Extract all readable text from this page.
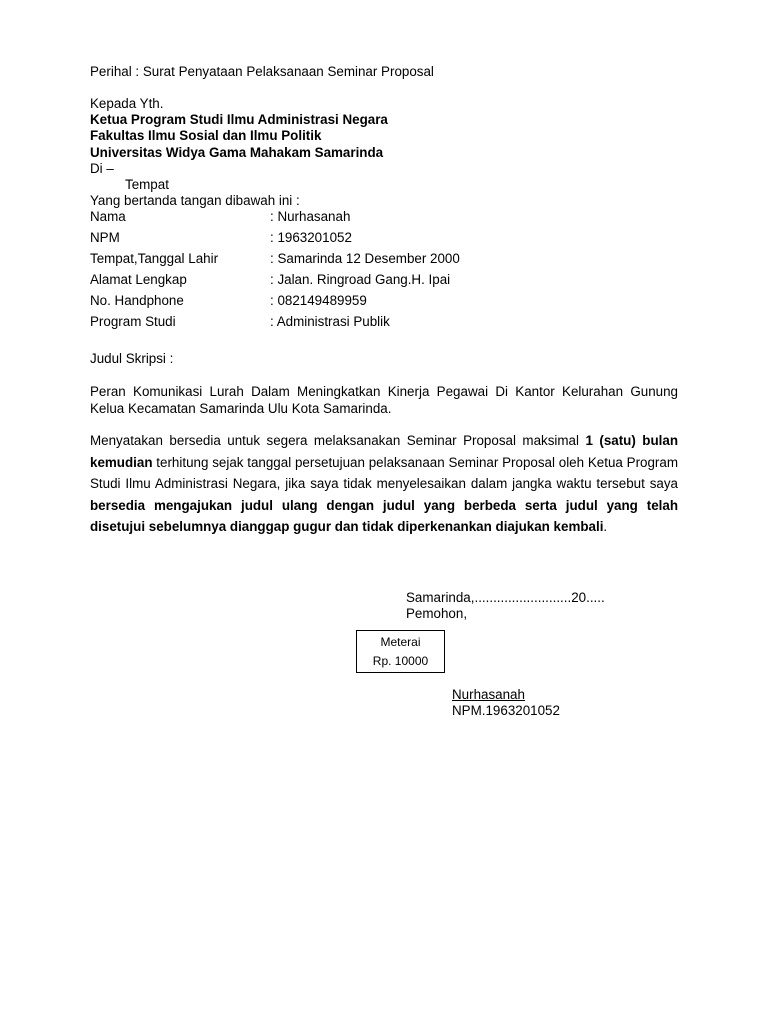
Perihal : Surat Penyataan Pelaksanaan Seminar Proposal
Kepada Yth.
Ketua Program Studi Ilmu Administrasi Negara
Fakultas Ilmu Sosial dan Ilmu Politik
Universitas Widya Gama Mahakam Samarinda
Di –
Tempat
Yang bertanda tangan dibawah ini :
Nama	: Nurhasanah
NPM	: 1963201052
Tempat,Tanggal Lahir	: Samarinda 12 Desember 2000
Alamat Lengkap	: Jalan. Ringroad Gang.H. Ipai
No. Handphone	: 082149489959
Program Studi	: Administrasi Publik
Judul Skripsi :
Peran Komunikasi Lurah Dalam Meningkatkan Kinerja Pegawai Di Kantor Kelurahan Gunung Kelua Kecamatan Samarinda Ulu Kota Samarinda.
Menyatakan bersedia untuk segera melaksanakan Seminar Proposal maksimal 1 (satu) bulan kemudian terhitung sejak tanggal persetujuan pelaksanaan Seminar Proposal oleh Ketua Program Studi Ilmu Administrasi Negara, jika saya tidak menyelesaikan dalam jangka waktu tersebut saya bersedia mengajukan judul ulang dengan judul yang berbeda serta judul yang telah disetujui sebelumnya dianggap gugur dan tidak diperkenankan diajukan kembali.
Samarinda,..........................20.....
Pemohon,
Meterai
Rp. 10000
Nurhasanah
NPM.1963201052
